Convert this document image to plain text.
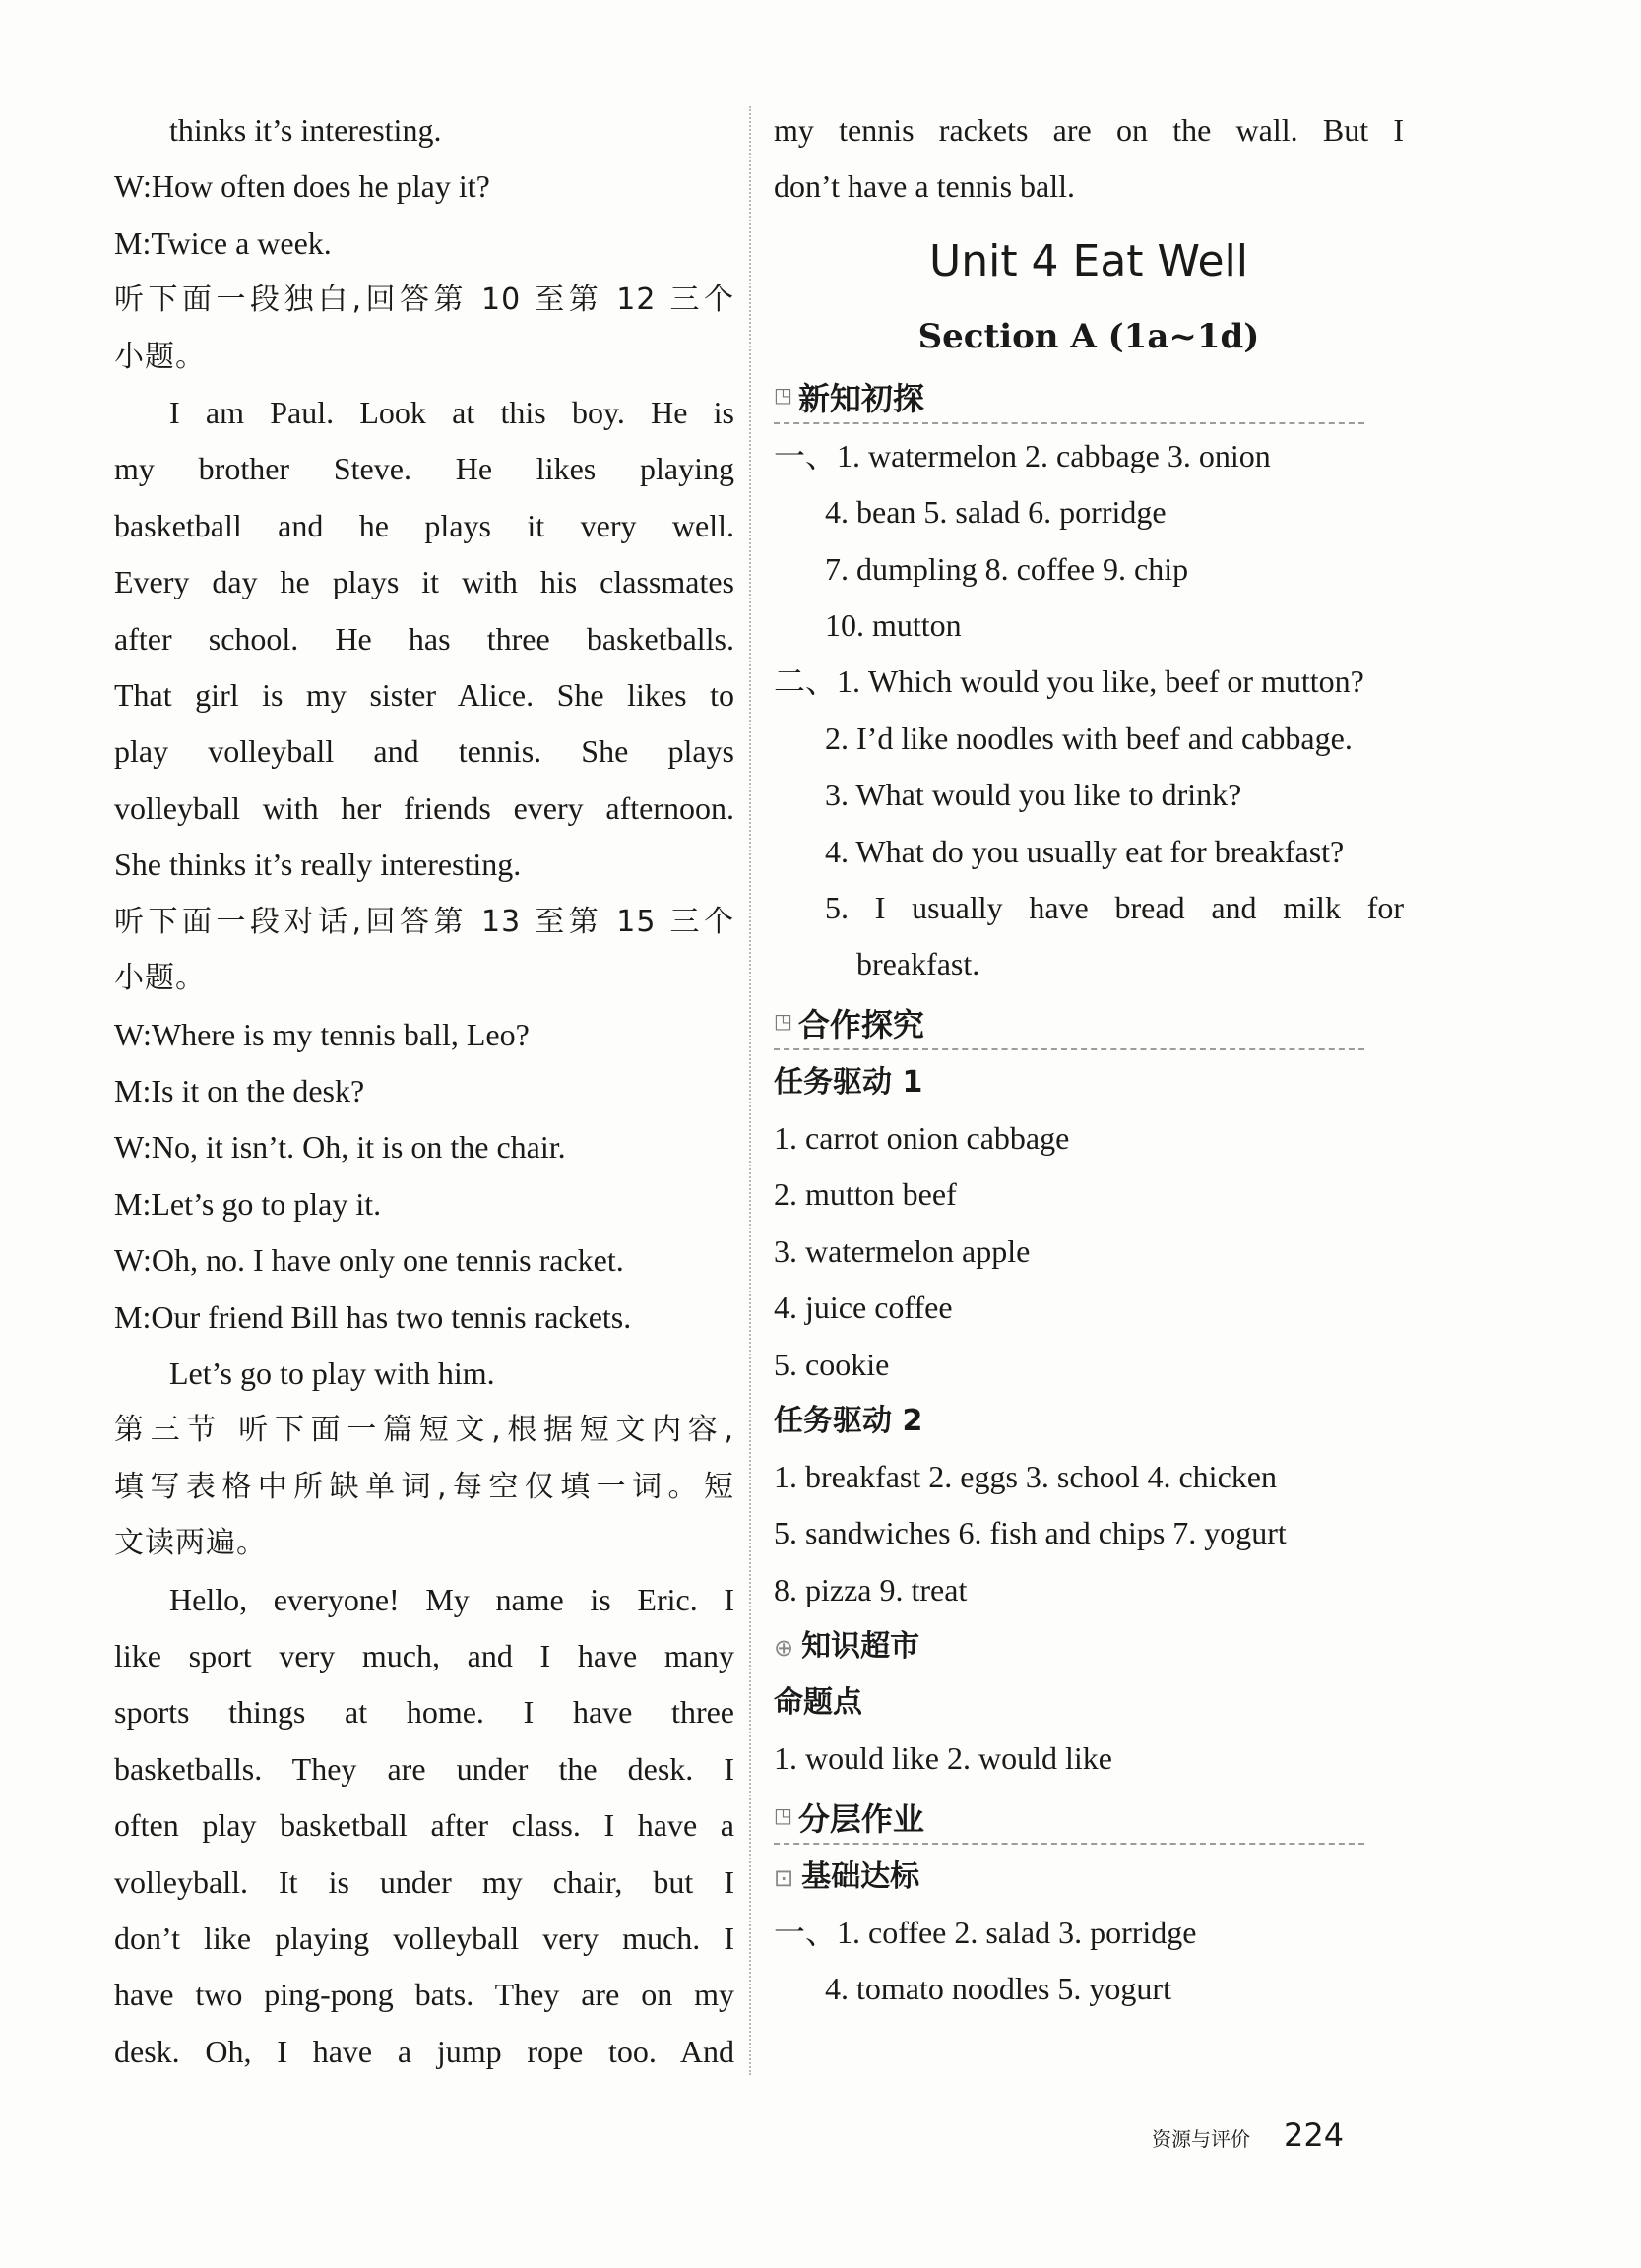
thinks it’s interesting.
W:How often does he play it?
M:Twice a week.
听下面一段独白,回答第 10 至第 12 三个
小题。
I am Paul. Look at this boy. He is
my brother Steve. He likes playing
basketball and he plays it very well.
Every day he plays it with his classmates
after school. He has three basketballs.
That girl is my sister Alice. She likes to
play volleyball and tennis. She plays
volleyball with her friends every afternoon.
She thinks it’s really interesting.
听下面一段对话,回答第 13 至第 15 三个
小题。
W:Where is my tennis ball, Leo?
M:Is it on the desk?
W:No, it isn’t. Oh, it is on the chair.
M:Let’s go to play it.
W:Oh, no. I have only one tennis racket.
M:Our friend Bill has two tennis rackets.
Let’s go to play with him.
第三节 听下面一篇短文,根据短文内容,
填写表格中所缺单词,每空仅填一词。短
文读两遍。
Hello, everyone! My name is Eric. I
like sport very much, and I have many
sports things at home. I have three
basketballs. They are under the desk. I
often play basketball after class. I have a
volleyball. It is under my chair, but I
don’t like playing volleyball very much. I
have two ping-pong bats. They are on my
desk. Oh, I have a jump rope too. And
my tennis rackets are on the wall. But I
don’t have a tennis ball.
Unit 4 Eat Well
Section A (1a~1d)
◳ 新知初探
一、1. watermelon 2. cabbage 3. onion
4. bean 5. salad 6. porridge
7. dumpling 8. coffee 9. chip
10. mutton
二、1. Which would you like, beef or mutton?
2. I’d like noodles with beef and cabbage.
3. What would you like to drink?
4. What do you usually eat for breakfast?
5. I usually have bread and milk for
breakfast.
◳ 合作探究
任务驱动 1
1. carrot onion cabbage
2. mutton beef
3. watermelon apple
4. juice coffee
5. cookie
任务驱动 2
1. breakfast 2. eggs 3. school 4. chicken
5. sandwiches 6. fish and chips 7. yogurt
8. pizza 9. treat
⊕ 知识超市
命题点
1. would like 2. would like
◳ 分层作业
⊡ 基础达标
一、1. coffee 2. salad 3. porridge
4. tomato noodles 5. yogurt
资源与评价 224
